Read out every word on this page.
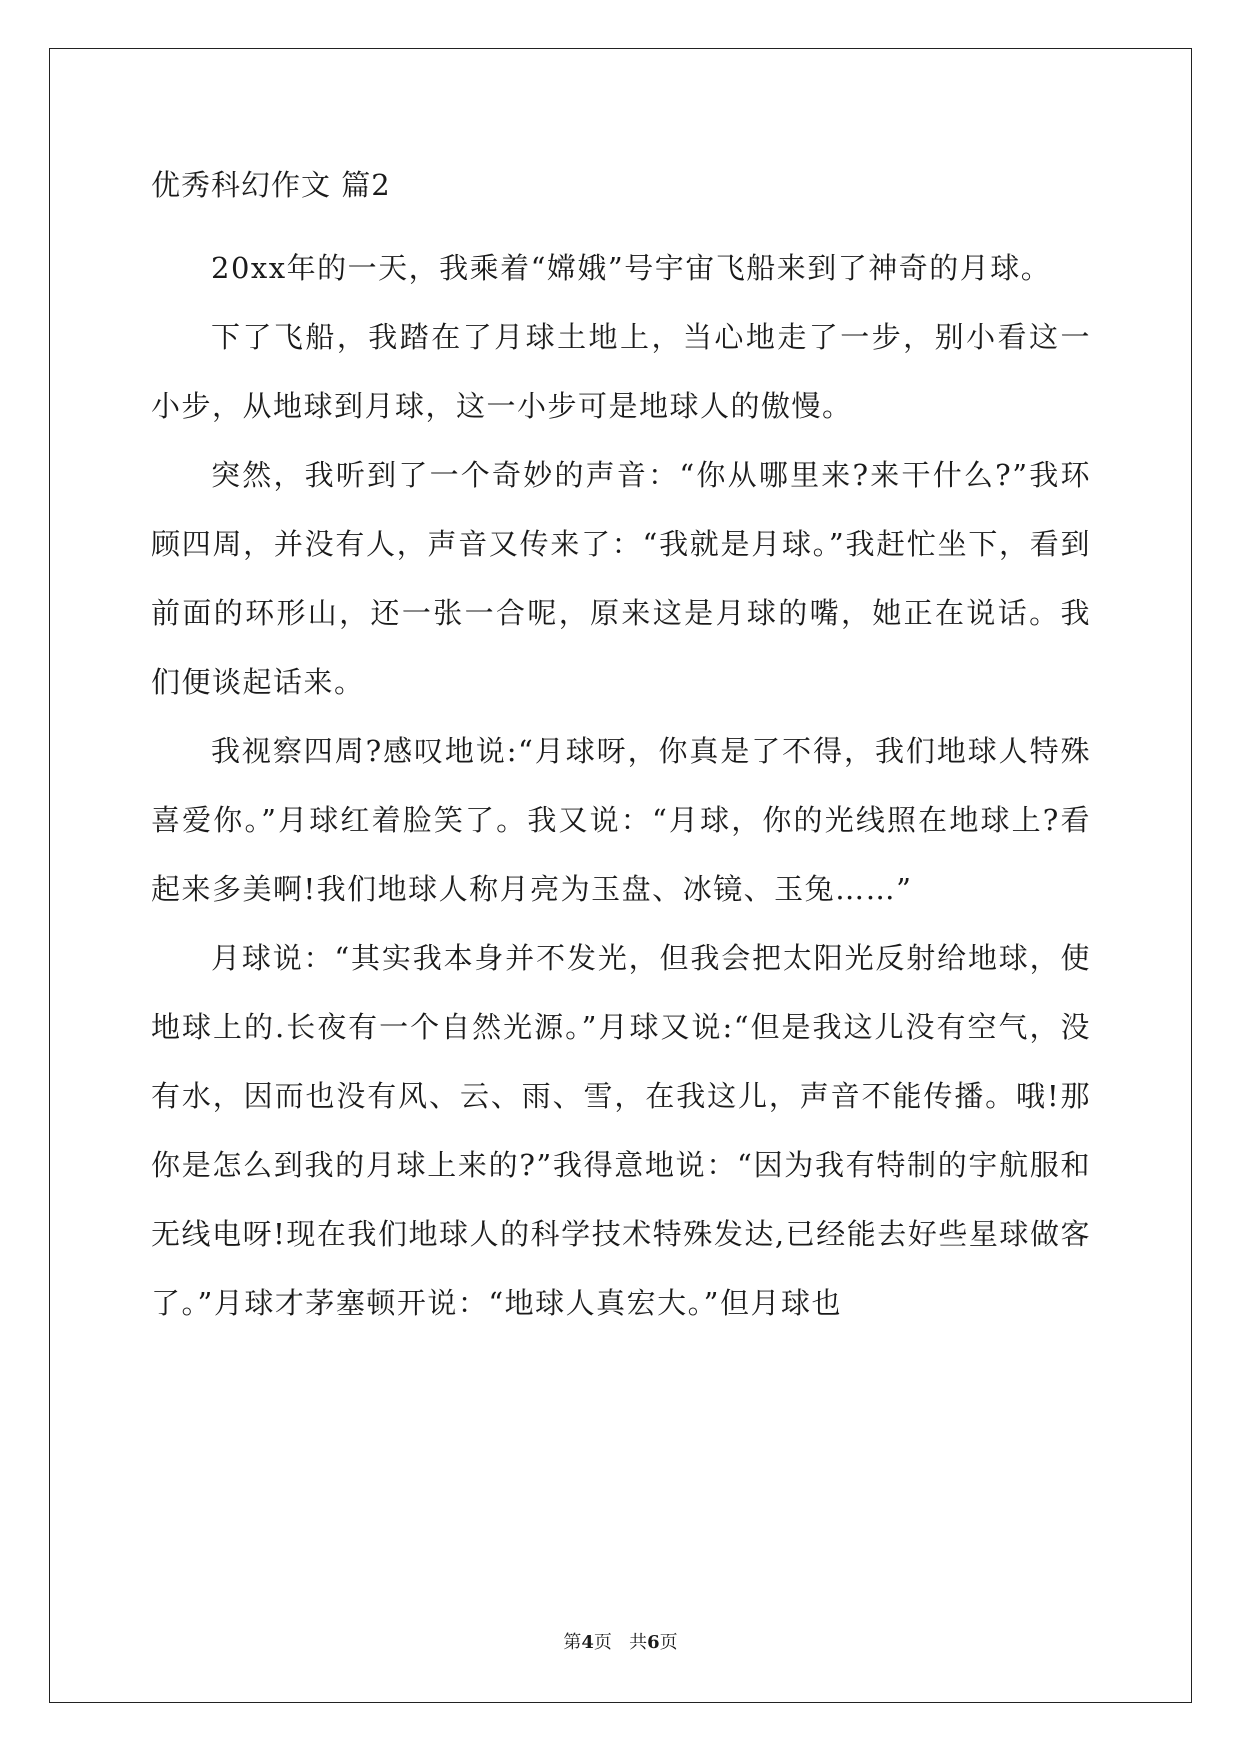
优秀科幻作文 篇2

20xx年的一天，我乘着“嫦娥”号宇宙飞船来到了神奇的月球。

下了飞船，我踏在了月球土地上，当心地走了一步，别小看这一小步，从地球到月球，这一小步可是地球人的傲慢。

突然，我听到了一个奇妙的声音：“你从哪里来?来干什么?”我环顾四周，并没有人，声音又传来了：“我就是月球。”我赶忙坐下，看到前面的环形山，还一张一合呢，原来这是月球的嘴，她正在说话。我们便谈起话来。

我视察四周?感叹地说:“月球呀，你真是了不得，我们地球人特殊喜爱你。”月球红着脸笑了。我又说：“月球，你的光线照在地球上?看起来多美啊!我们地球人称月亮为玉盘、冰镜、玉兔……”

月球说：“其实我本身并不发光，但我会把太阳光反射给地球，使地球上的.长夜有一个自然光源。”月球又说:“但是我这儿没有空气，没有水，因而也没有风、云、雨、雪，在我这儿，声音不能传播。哦!那你是怎么到我的月球上来的?”我得意地说：“因为我有特制的宇航服和无线电呀!现在我们地球人的科学技术特殊发达,已经能去好些星球做客了。”月球才茅塞顿开说：“地球人真宏大。”但月球也

第4页   共6页
